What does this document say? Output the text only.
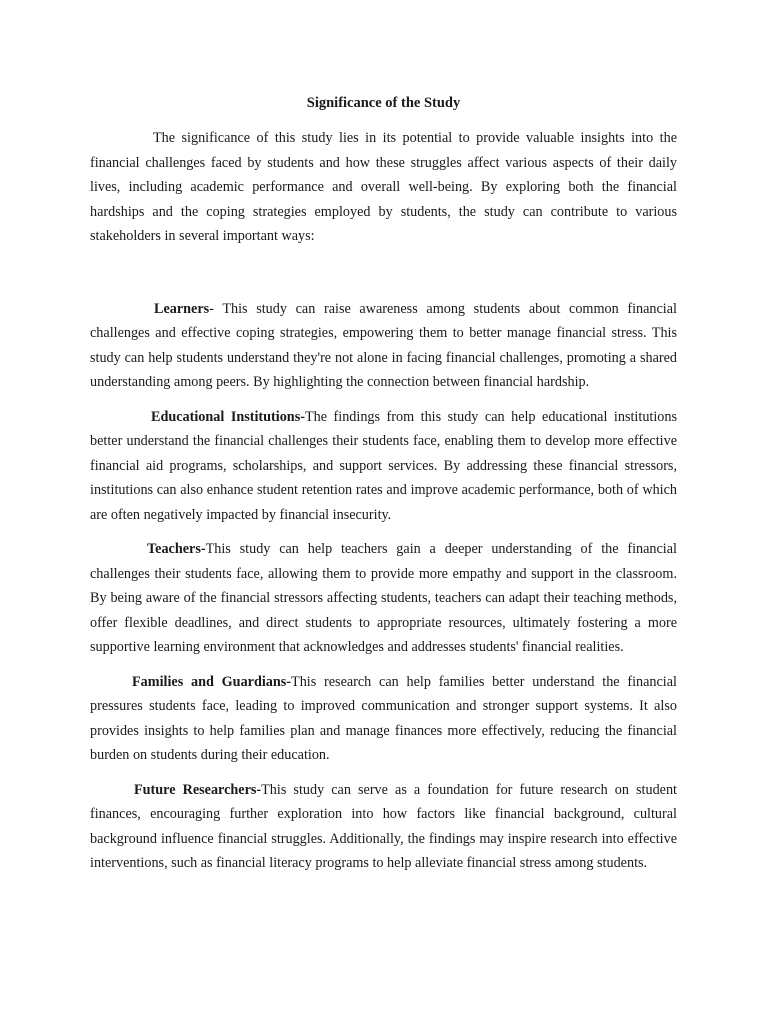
Significance of the Study

The significance of this study lies in its potential to provide valuable insights into the financial challenges faced by students and how these struggles affect various aspects of their daily lives, including academic performance and overall well-being. By exploring both the financial hardships and the coping strategies employed by students, the study can contribute to various stakeholders in several important ways:

Learners- This study can raise awareness among students about common financial challenges and effective coping strategies, empowering them to better manage financial stress. This study can help students understand they're not alone in facing financial challenges, promoting a shared understanding among peers. By highlighting the connection between financial hardship.

Educational Institutions-The findings from this study can help educational institutions better understand the financial challenges their students face, enabling them to develop more effective financial aid programs, scholarships, and support services. By addressing these financial stressors, institutions can also enhance student retention rates and improve academic performance, both of which are often negatively impacted by financial insecurity.

Teachers-This study can help teachers gain a deeper understanding of the financial challenges their students face, allowing them to provide more empathy and support in the classroom. By being aware of the financial stressors affecting students, teachers can adapt their teaching methods, offer flexible deadlines, and direct students to appropriate resources, ultimately fostering a more supportive learning environment that acknowledges and addresses students' financial realities.

Families and Guardians-This research can help families better understand the financial pressures students face, leading to improved communication and stronger support systems. It also provides insights to help families plan and manage finances more effectively, reducing the financial burden on students during their education.

Future Researchers-This study can serve as a foundation for future research on student finances, encouraging further exploration into how factors like financial background, cultural background influence financial struggles. Additionally, the findings may inspire research into effective interventions, such as financial literacy programs to help alleviate financial stress among students.
